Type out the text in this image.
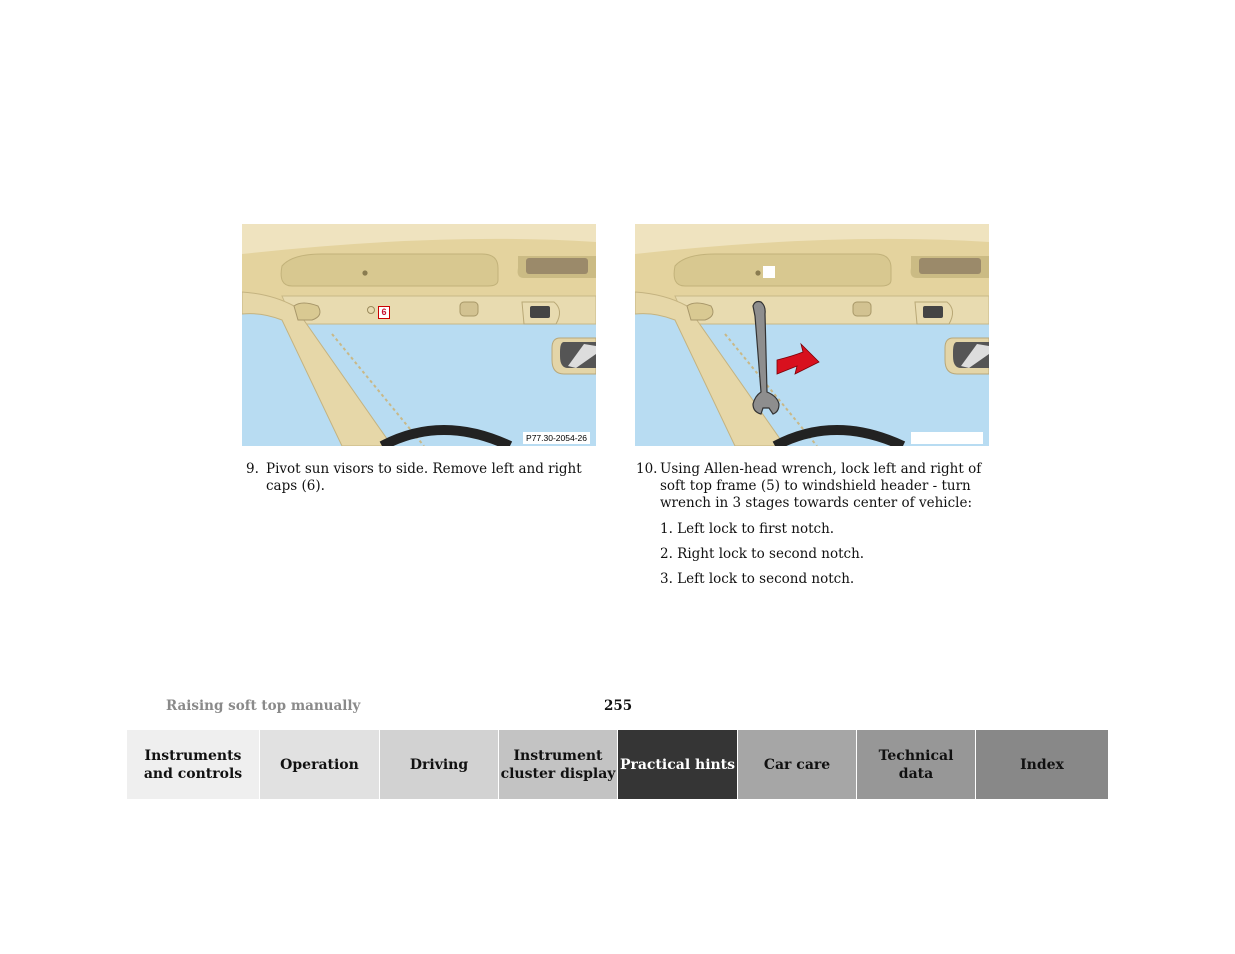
6
P77.30-2054-26
9. Pivot sun visors to side. Remove left and right caps (6).
10. Using Allen-head wrench, lock left and right of soft top frame (5) to windshield header - turn wrench in 3 stages towards center of vehicle:
1. Left lock to first notch.
2. Right lock to second notch.
3. Left lock to second notch.
Raising soft top manually	255
Instruments
and controls
Operation	Driving
Instrument
cluster display
Practical hints	Car care
Technical
data
Index
